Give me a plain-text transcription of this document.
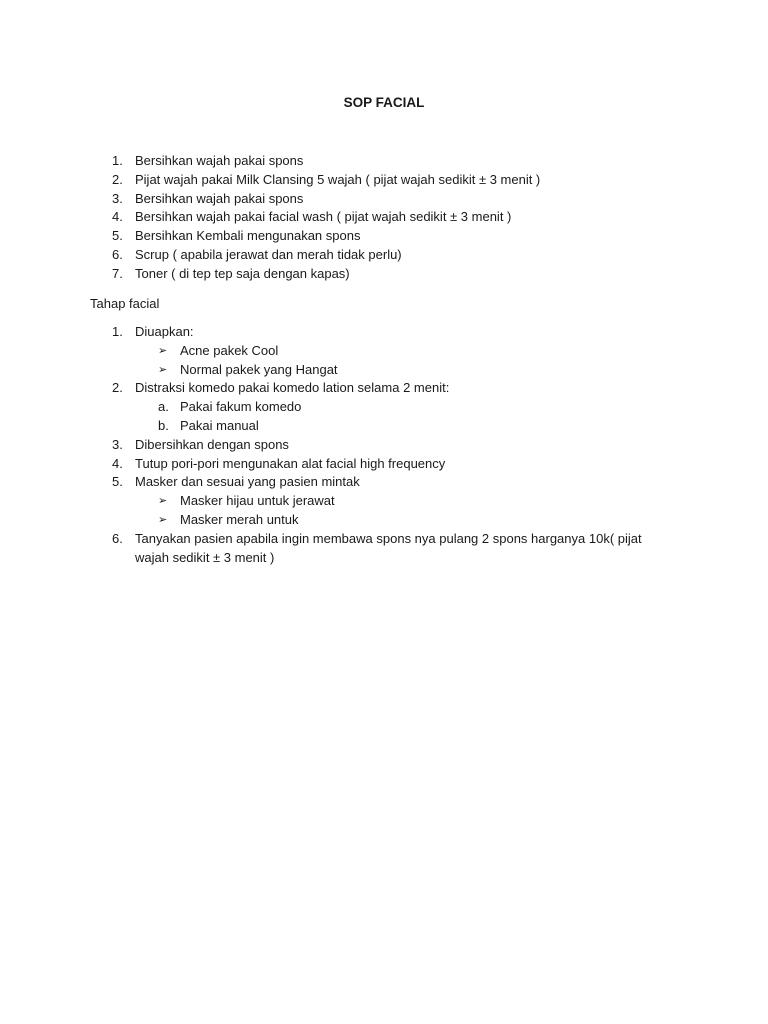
SOP FACIAL
1. Bersihkan wajah pakai spons
2. Pijat wajah pakai Milk Clansing 5 wajah ( pijat wajah sedikit ± 3 menit )
3. Bersihkan wajah pakai spons
4. Bersihkan wajah pakai facial wash ( pijat wajah sedikit ± 3 menit )
5. Bersihkan Kembali mengunakan spons
6. Scrup ( apabila jerawat dan merah tidak perlu)
7. Toner ( di tep tep saja dengan kapas)
Tahap facial
1. Diuapkan:
➢ Acne pakek Cool
➢ Normal pakek yang Hangat
2. Distraksi komedo pakai komedo lation selama 2 menit:
a. Pakai fakum komedo
b. Pakai manual
3. Dibersihkan dengan spons
4. Tutup pori-pori mengunakan alat facial high frequency
5. Masker dan sesuai yang pasien mintak
➢ Masker hijau untuk jerawat
➢ Masker merah untuk
6. Tanyakan pasien apabila ingin membawa spons nya pulang 2 spons harganya 10k( pijat wajah sedikit ± 3 menit )
